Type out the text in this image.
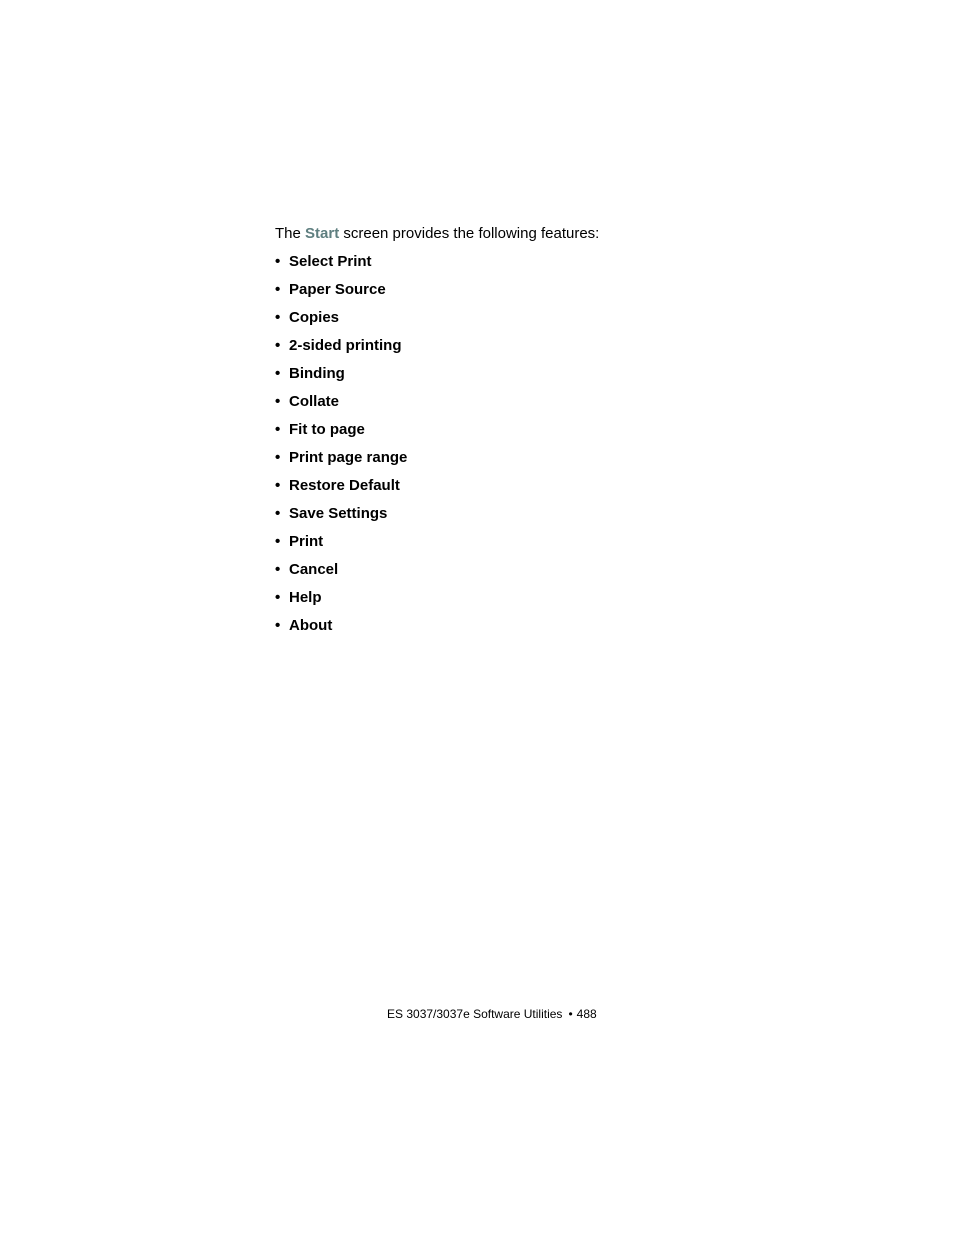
The Start screen provides the following features:

• Select Print
• Paper Source
• Copies
• 2-sided printing
• Binding
• Collate
• Fit to page
• Print page range
• Restore Default
• Save Settings
• Print
• Cancel
• Help
• About
ES 3037/3037e Software Utilities • 488
